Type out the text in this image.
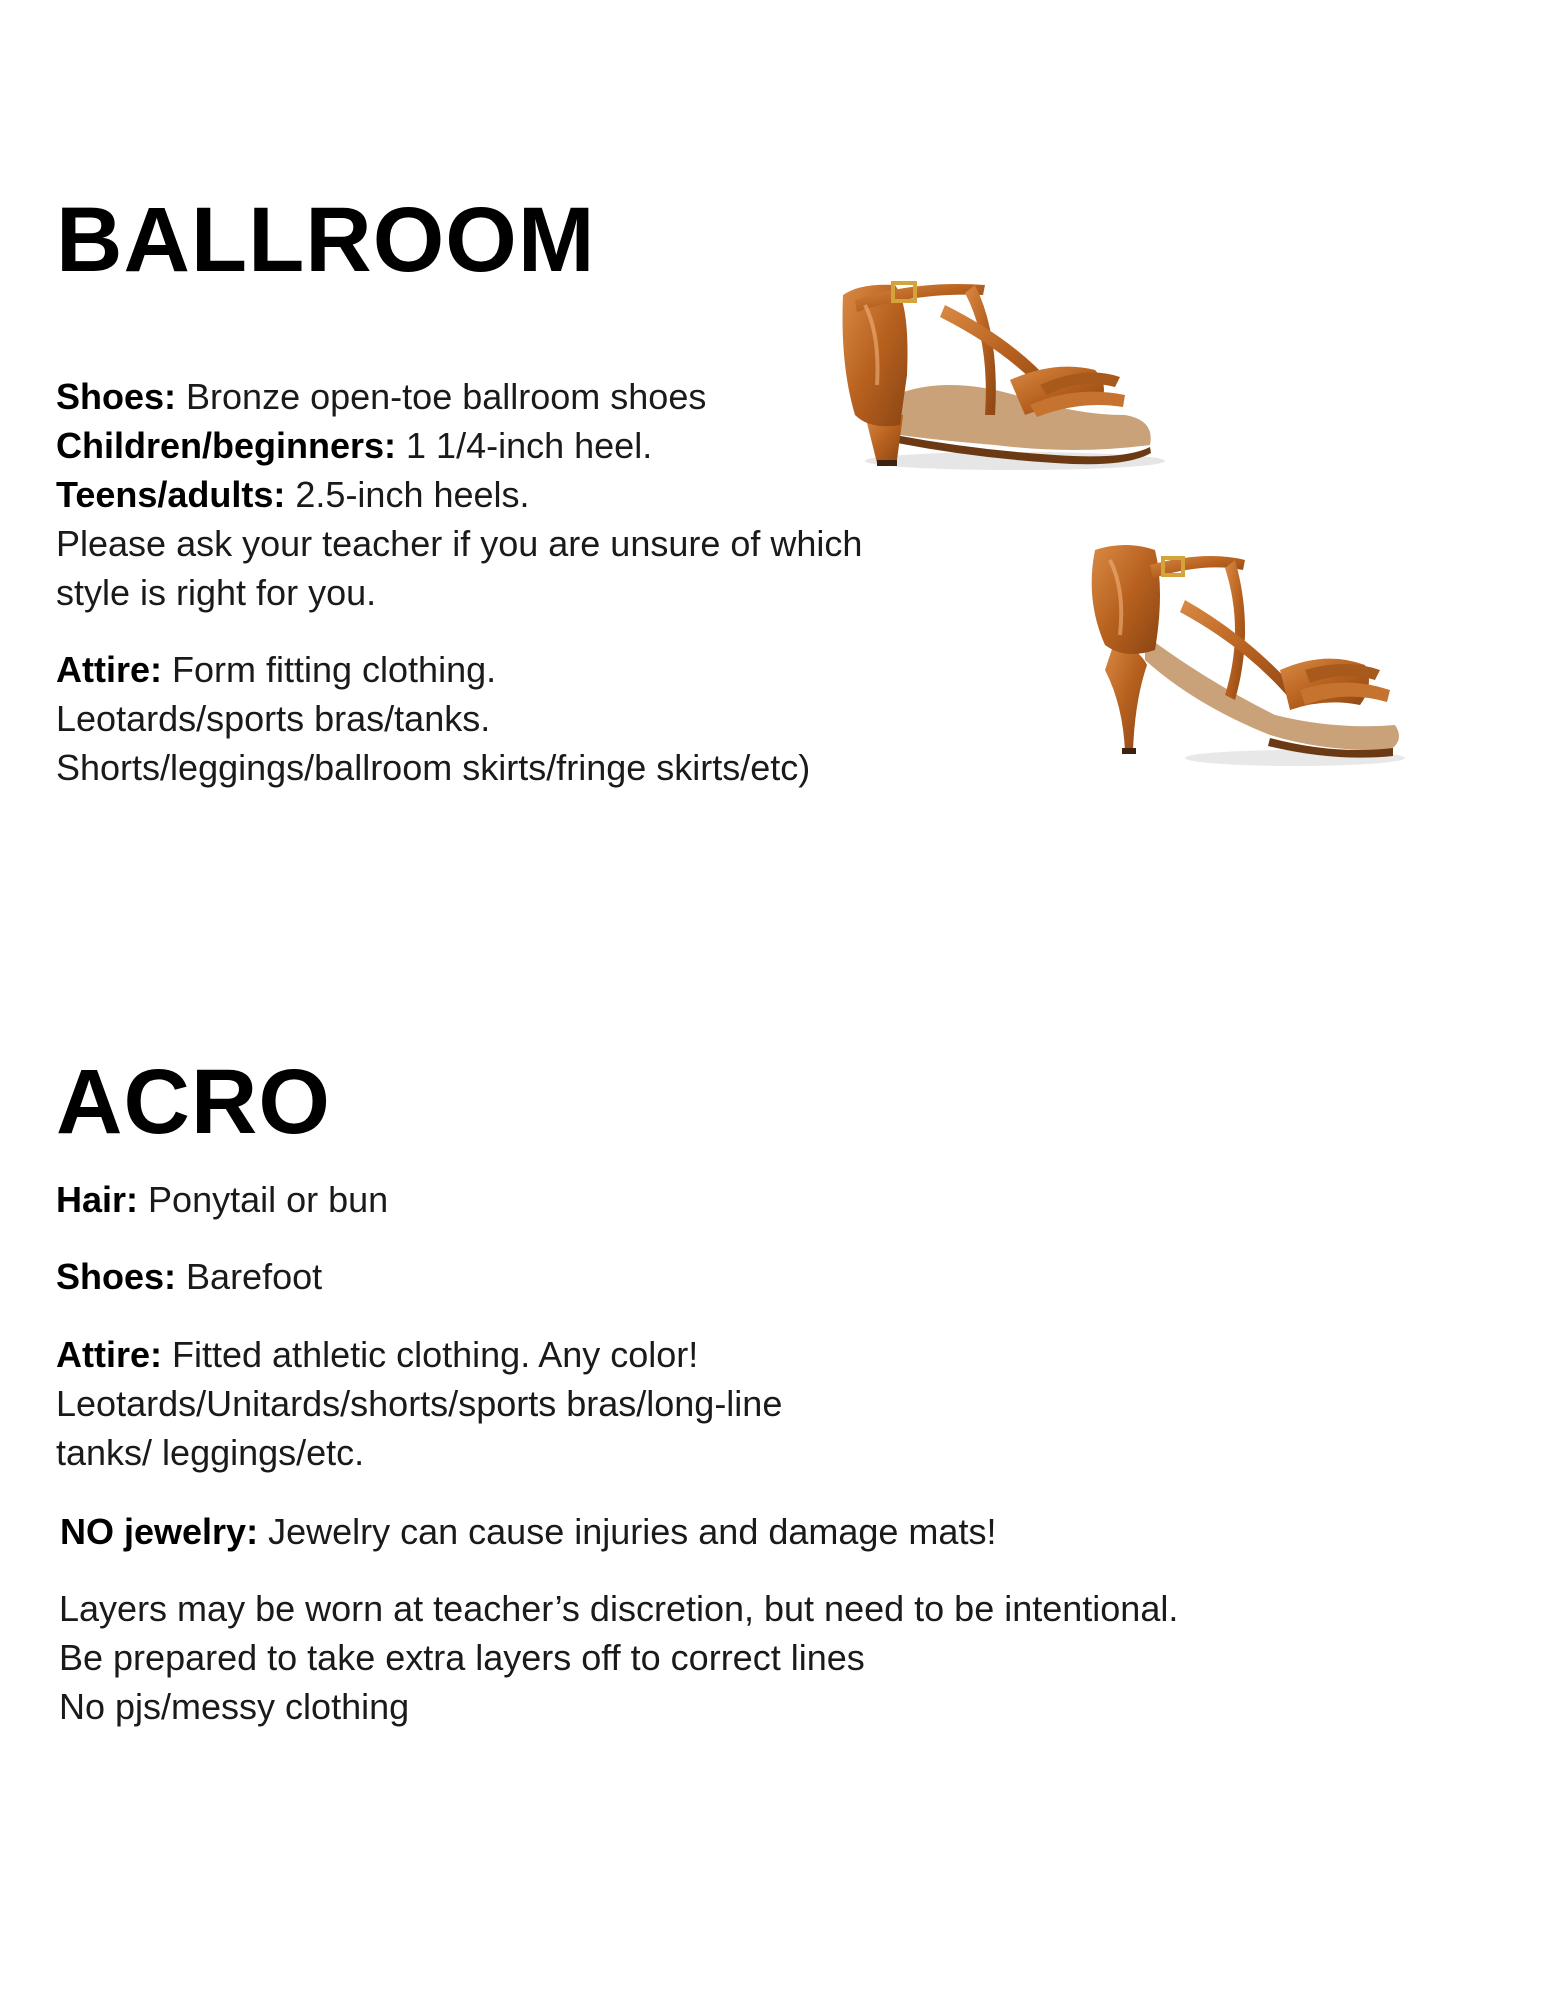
BALLROOM
Shoes: Bronze open-toe ballroom shoes
Children/beginners: 1 1/4-inch heel.
Teens/adults: 2.5-inch heels.
Please ask your teacher if you are unsure of which
style is right for you.
Attire: Form fitting clothing.
Leotards/sports bras/tanks.
Shorts/leggings/ballroom skirts/fringe skirts/etc)
ACRO
Hair: Ponytail or bun
Shoes: Barefoot
Attire: Fitted athletic clothing. Any color!
Leotards/Unitards/shorts/sports bras/long-line
tanks/ leggings/etc.
NO jewelry: Jewelry can cause injuries and damage mats!
Layers may be worn at teacher’s discretion, but need to be intentional.
Be prepared to take extra layers off to correct lines
No pjs/messy clothing
